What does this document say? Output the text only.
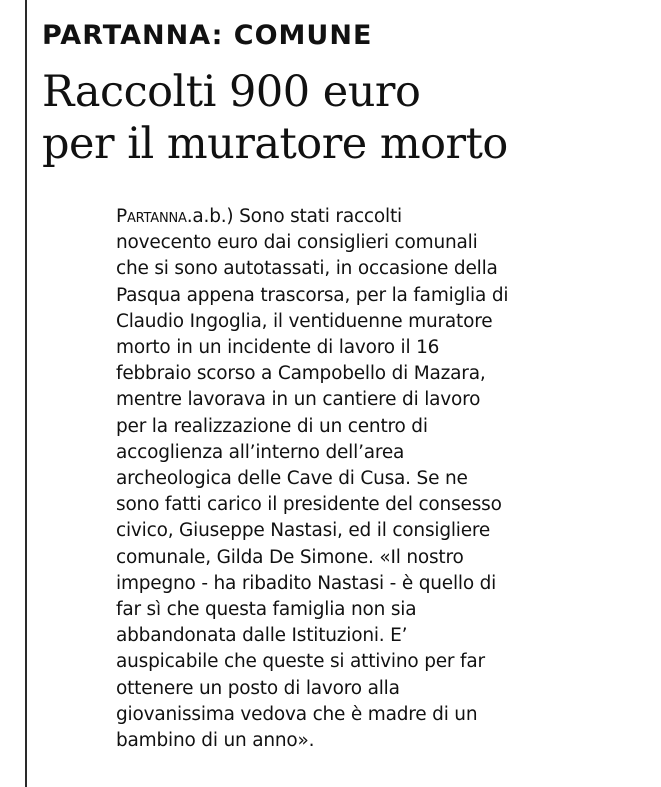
PARTANNA: COMUNE
Raccolti 900 euro
per il muratore morto
Partanna.a.b.) Sono stati raccolti
novecento euro dai consiglieri comunali
che si sono autotassati, in occasione della
Pasqua appena trascorsa, per la famiglia di
Claudio Ingoglia, il ventiduenne muratore
morto in un incidente di lavoro il 16
febbraio scorso a Campobello di Mazara,
mentre lavorava in un cantiere di lavoro
per la realizzazione di un centro di
accoglienza all’interno dell’area
archeologica delle Cave di Cusa. Se ne
sono fatti carico il presidente del consesso
civico, Giuseppe Nastasi, ed il consigliere
comunale, Gilda De Simone. «Il nostro
impegno - ha ribadito Nastasi - è quello di
far sì che questa famiglia non sia
abbandonata dalle Istituzioni. E’
auspicabile che queste si attivino per far
ottenere un posto di lavoro alla
giovanissima vedova che è madre di un
bambino di un anno».
